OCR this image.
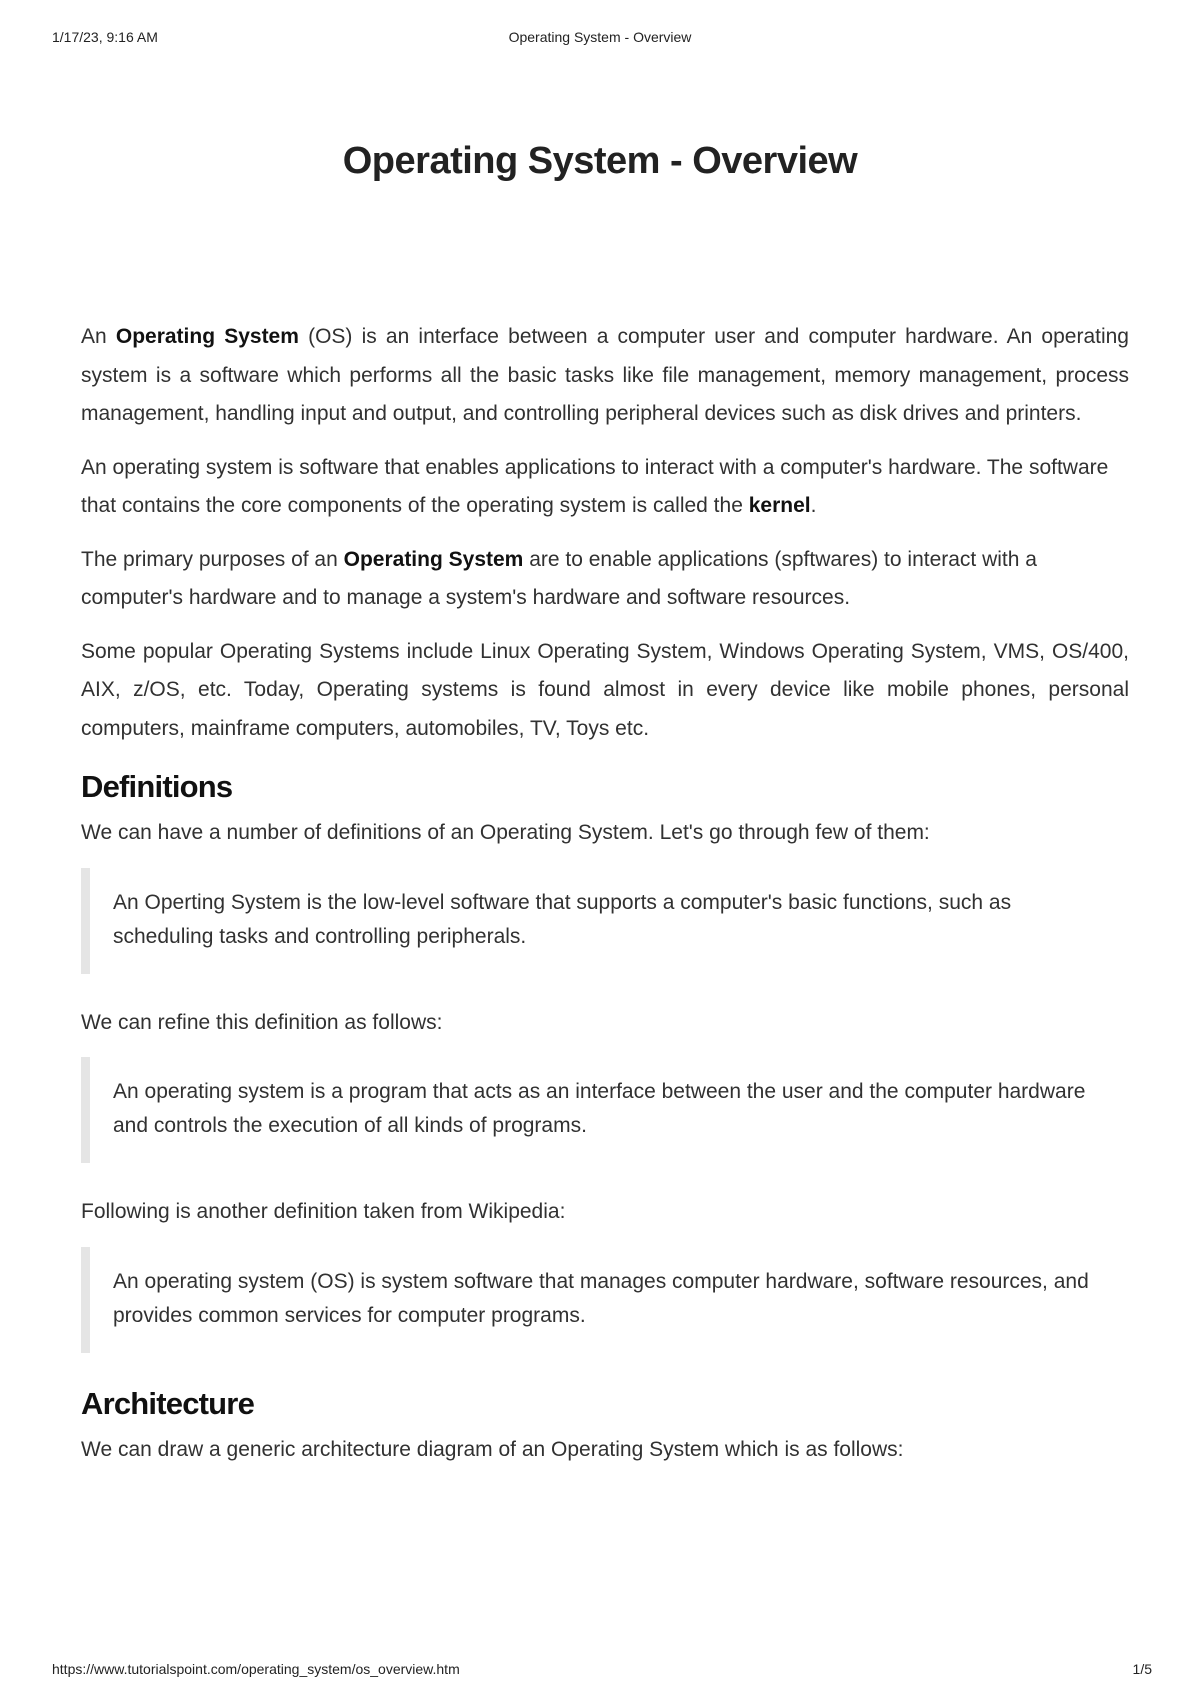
1/17/23, 9:16 AM	Operating System - Overview
Operating System - Overview

An Operating System (OS) is an interface between a computer user and computer hardware. An operating system is a software which performs all the basic tasks like file management, memory management, process management, handling input and output, and controlling peripheral devices such as disk drives and printers.

An operating system is software that enables applications to interact with a computer's hardware. The software that contains the core components of the operating system is called the kernel.

The primary purposes of an Operating System are to enable applications (spftwares) to interact with a computer's hardware and to manage a system's hardware and software resources.

Some popular Operating Systems include Linux Operating System, Windows Operating System, VMS, OS/400, AIX, z/OS, etc. Today, Operating systems is found almost in every device like mobile phones, personal computers, mainframe computers, automobiles, TV, Toys etc.

Definitions

We can have a number of definitions of an Operating System. Let's go through few of them:

An Operting System is the low-level software that supports a computer's basic functions, such as scheduling tasks and controlling peripherals.

We can refine this definition as follows:

An operating system is a program that acts as an interface between the user and the computer hardware and controls the execution of all kinds of programs.

Following is another definition taken from Wikipedia:

An operating system (OS) is system software that manages computer hardware, software resources, and provides common services for computer programs.

Architecture

We can draw a generic architecture diagram of an Operating System which is as follows:

https://www.tutorialspoint.com/operating_system/os_overview.htm	1/5
